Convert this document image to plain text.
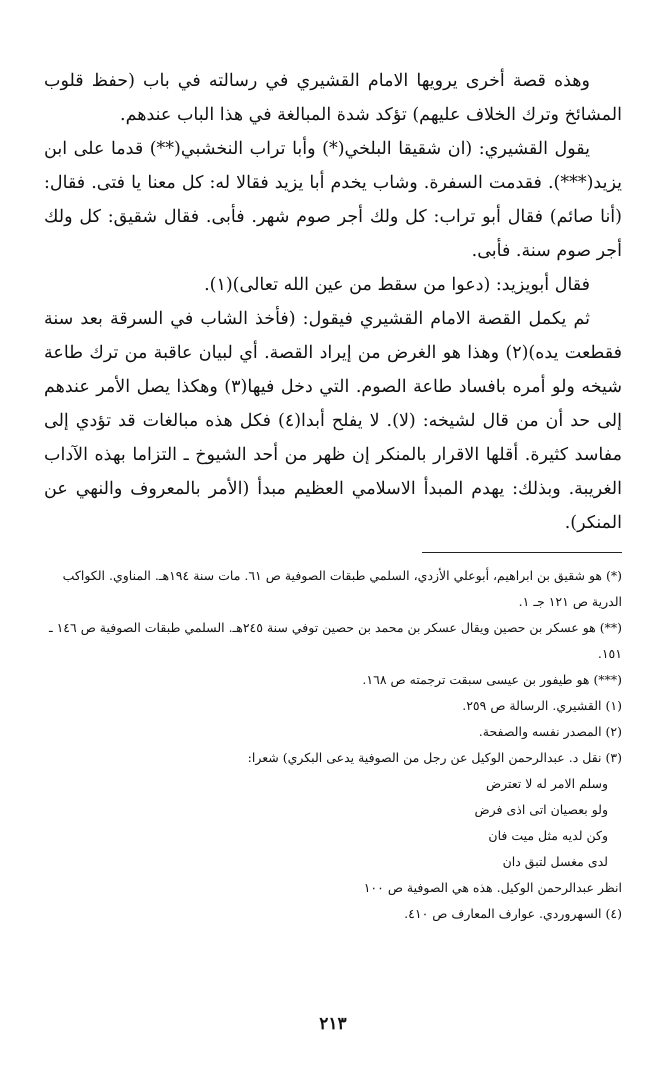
وهذه قصة أخرى يرويها الامام القشيري في رسالته في باب (حفظ قلوب المشائخ وترك الخلاف عليهم) تؤكد شدة المبالغة في هذا الباب عندهم.

يقول القشيري: (ان شقيقا البلخي(*) وأبا تراب النخشبي(**) قدما على ابن يزيد(***). فقدمت السفرة. وشاب يخدم أبا يزيد فقالا له: كل معنا يا فتى. فقال: (أنا صائم) فقال أبو تراب: كل ولك أجر صوم شهر. فأبى. فقال شقيق: كل ولك أجر صوم سنة. فأبى.

فقال أبويزيد: (دعوا من سقط من عين الله تعالى)(١).

ثم يكمل القصة الامام القشيري فيقول: (فأخذ الشاب في السرقة بعد سنة فقطعت يده)(٢) وهذا هو الغرض من إيراد القصة. أي لبيان عاقبة من ترك طاعة شيخه ولو أمره بافساد طاعة الصوم. التي دخل فيها(٣) وهكذا يصل الأمر عندهم إلى حد أن من قال لشيخه: (لا). لا يفلح أبدا(٤) فكل هذه مبالغات قد تؤدي إلى مفاسد كثيرة. أقلها الاقرار بالمنكر إن ظهر من أحد الشيوخ ـ التزاما بهذه الآداب الغريبة. وبذلك: يهدم المبدأ الاسلامي العظيم مبدأ (الأمر بالمعروف والنهي عن المنكر).

(*) هو شقيق بن ابراهيم، أبوعلي الأزدي، السلمي طبقات الصوفية ص ٦١. مات سنة ١٩٤هـ. المناوي. الكواكب الدرية ص ١٢١ جـ ١.

(**) هو عسكر بن حصين ويقال عسكر بن محمد بن حصين توفي سنة ٢٤٥هـ. السلمي طبقات الصوفية ص ١٤٦ ـ ١٥١.

(***) هو طيفور بن عيسى سبقت ترجمته ص ١٦٨.

(١) القشيري. الرسالة ص ٢٥٩.

(٢) المصدر نفسه والصفحة.

(٣) نقل د. عبدالرحمن الوكيل عن رجل من الصوفية يدعى البكري) شعرا:

وسلم الامر له لا تعترض

ولو بعصيان اتى اذى فرض

وكن لديه مثل ميت فان

لدى مغسل لتبق دان

انظر عبدالرحمن الوكيل. هذه هي الصوفية ص ١٠٠

(٤) السهروردي. عوارف المعارف ص ٤١٠.

٢١٣
